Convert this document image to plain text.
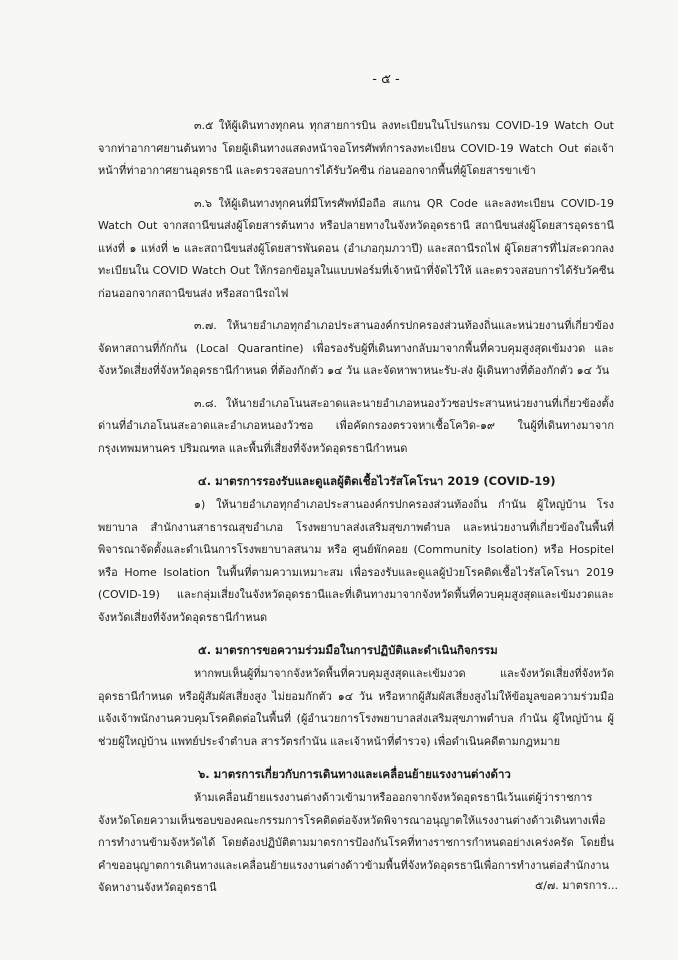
- ๕ -

๓.๕ ให้ผู้เดินทางทุกคน ทุกสายการบิน ลงทะเบียนในโปรแกรม COVID-19 Watch Out จากท่าอากาศยานต้นทาง โดยผู้เดินทางแสดงหน้าจอโทรศัพท์การลงทะเบียน COVID-19 Watch Out ต่อเจ้าหน้าที่ท่าอากาศยานอุดรธานี และตรวจสอบการได้รับวัคซีน ก่อนออกจากพื้นที่ผู้โดยสารขาเข้า

๓.๖ ให้ผู้เดินทางทุกคนที่มีโทรศัพท์มือถือ สแกน QR Code และลงทะเบียน COVID-19 Watch Out จากสถานีขนส่งผู้โดยสารต้นทาง หรือปลายทางในจังหวัดอุดรธานี สถานีขนส่งผู้โดยสารอุดรธานี แห่งที่ ๑ แห่งที่ ๒ และสถานีขนส่งผู้โดยสารพันดอน (อำเภอกุมภวาปี) และสถานีรถไฟ ผู้โดยสารที่ไม่สะดวกลงทะเบียนใน COVID Watch Out ให้กรอกข้อมูลในแบบฟอร์มที่เจ้าหน้าที่จัดไว้ให้ และตรวจสอบการได้รับวัคซีน ก่อนออกจากสถานีขนส่ง หรือสถานีรถไฟ

๓.๗. ให้นายอำเภอทุกอำเภอประสานองค์กรปกครองส่วนท้องถิ่นและหน่วยงานที่เกี่ยวข้องจัดหาสถานที่กักกัน (Local Quarantine) เพื่อรองรับผู้ที่เดินทางกลับมาจากพื้นที่ควบคุมสูงสุดเข้มงวด และจังหวัดเสี่ยงที่จังหวัดอุดรธานีกำหนด ที่ต้องกักตัว ๑๔ วัน และจัดหาพาหนะรับ-ส่ง ผู้เดินทางที่ต้องกักตัว ๑๔ วัน

๓.๘. ให้นายอำเภอโนนสะอาดและนายอำเภอหนองวัวซอประสานหน่วยงานที่เกี่ยวข้องตั้งด่านที่อำเภอโนนสะอาดและอำเภอหนองวัวซอ เพื่อคัดกรองตรวจหาเชื้อโควิด-๑๙ ในผู้ที่เดินทางมาจากกรุงเทพมหานคร ปริมณฑล และพื้นที่เสี่ยงที่จังหวัดอุดรธานีกำหนด

๔. มาตรการรองรับและดูแลผู้ติดเชื้อไวรัสโคโรนา 2019 (COVID-19)

๑) ให้นายอำเภอทุกอำเภอประสานองค์กรปกครองส่วนท้องถิ่น กำนัน ผู้ใหญ่บ้าน โรงพยาบาล สำนักงานสาธารณสุขอำเภอ โรงพยาบาลส่งเสริมสุขภาพตำบล และหน่วยงานที่เกี่ยวข้องในพื้นที่ พิจารณาจัดตั้งและดำเนินการโรงพยาบาลสนาม หรือ ศูนย์พักคอย (Community Isolation) หรือ Hospitel หรือ Home Isolation ในพื้นที่ตามความเหมาะสม เพื่อรองรับและดูแลผู้ป่วยโรคติดเชื้อไวรัสโคโรนา 2019 (COVID-19) และกลุ่มเสี่ยงในจังหวัดอุดรธานีและที่เดินทางมาจากจังหวัดพื้นที่ควบคุมสูงสุดและเข้มงวดและจังหวัดเสี่ยงที่จังหวัดอุดรธานีกำหนด

๕. มาตรการขอความร่วมมือในการปฏิบัติและดำเนินกิจกรรม

หากพบเห็นผู้ที่มาจากจังหวัดพื้นที่ควบคุมสูงสุดและเข้มงวด และจังหวัดเสี่ยงที่จังหวัดอุดรธานีกำหนด หรือผู้สัมผัสเสี่ยงสูง ไม่ยอมกักตัว ๑๔ วัน หรือหากผู้สัมผัสเสี่ยงสูงไม่ให้ข้อมูลขอความร่วมมือแจ้งเจ้าพนักงานควบคุมโรคติดต่อในพื้นที่ (ผู้อำนวยการโรงพยาบาลส่งเสริมสุขภาพตำบล กำนัน ผู้ใหญ่บ้าน ผู้ช่วยผู้ใหญ่บ้าน แพทย์ประจำตำบล สารวัตรกำนัน และเจ้าหน้าที่ตำรวจ) เพื่อดำเนินคดีตามกฎหมาย

๖. มาตรการเกี่ยวกับการเดินทางและเคลื่อนย้ายแรงงานต่างด้าว

ห้ามเคลื่อนย้ายแรงงานต่างด้าวเข้ามาหรือออกจากจังหวัดอุดรธานีเว้นแต่ผู้ว่าราชการจังหวัดโดยความเห็นชอบของคณะกรรมการโรคติดต่อจังหวัดพิจารณาอนุญาตให้แรงงานต่างด้าวเดินทางเพื่อการทำงานข้ามจังหวัดได้ โดยต้องปฏิบัติตามมาตรการป้องกันโรคที่ทางราชการกำหนดอย่างเคร่งครัด โดยยื่นคำขออนุญาตการเดินทางและเคลื่อนย้ายแรงงานต่างด้าวข้ามพื้นที่จังหวัดอุดรธานีเพื่อการทำงานต่อสำนักงานจัดหางานจังหวัดอุดรธานี	๕/๗. มาตรการ...
